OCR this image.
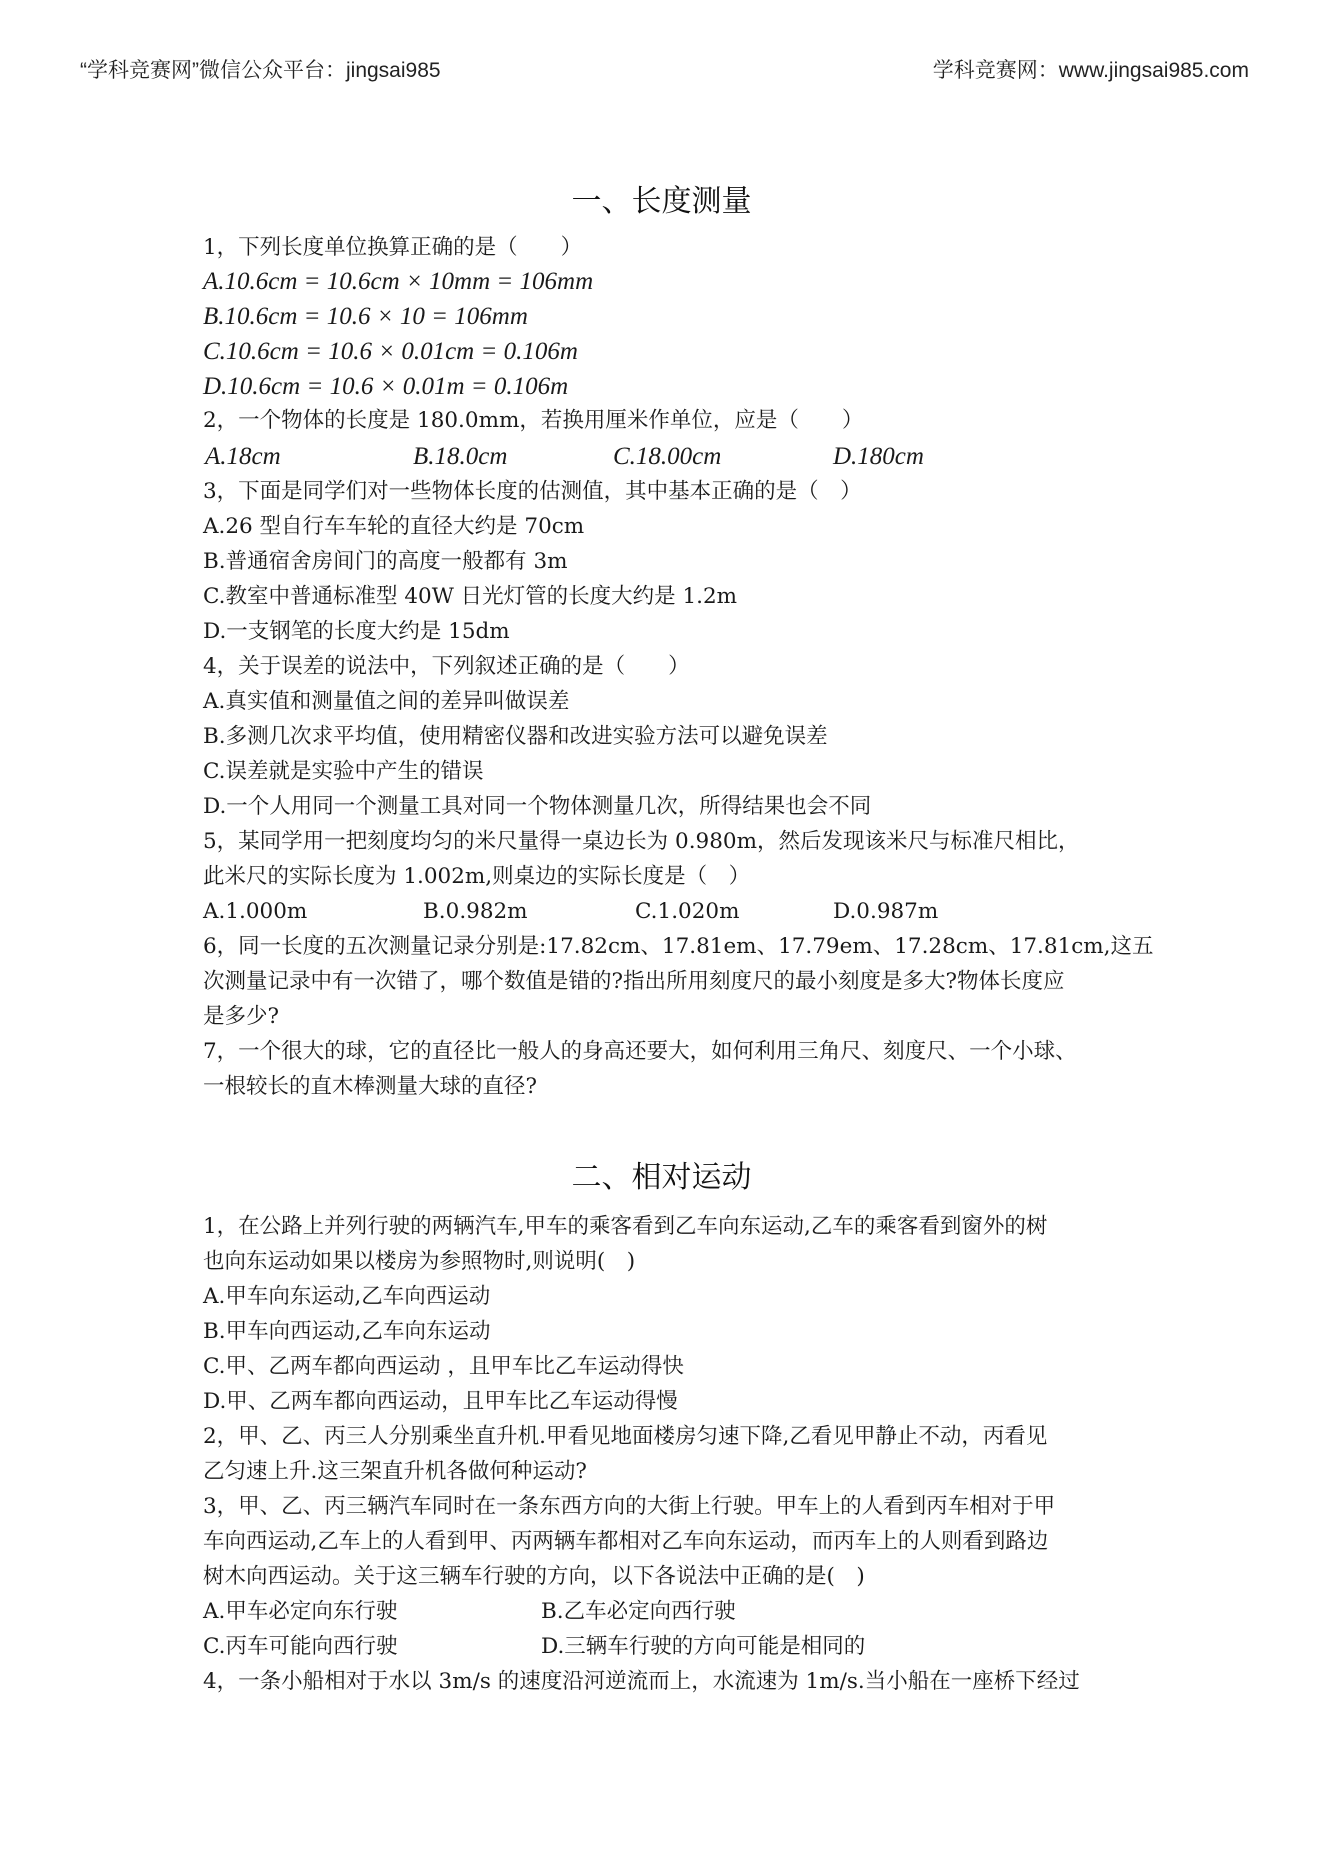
“学科竞赛网”微信公众平台：jingsai985	学科竞赛网：www.jingsai985.com
一、长度测量
1，下列长度单位换算正确的是（　　）
A.10.6cm = 10.6cm × 10mm = 106mm
B.10.6cm = 10.6 × 10 = 106mm
C.10.6cm = 10.6 × 0.01cm = 0.106m
D.10.6cm = 10.6 × 0.01m = 0.106m
2，一个物体的长度是 180.0mm，若换用厘米作单位，应是（　　）
A.18cm	B.18.0cm	C.18.00cm	D.180cm
3，下面是同学们对一些物体长度的估测值，其中基本正确的是（　）
A.26 型自行车车轮的直径大约是 70cm
B.普通宿舍房间门的高度一般都有 3m
C.教室中普通标准型 40W 日光灯管的长度大约是 1.2m
D.一支钢笔的长度大约是 15dm
4，关于误差的说法中，下列叙述正确的是（　　）
A.真实值和测量值之间的差异叫做误差
B.多测几次求平均值，使用精密仪器和改进实验方法可以避免误差
C.误差就是实验中产生的错误
D.一个人用同一个测量工具对同一个物体测量几次，所得结果也会不同
5，某同学用一把刻度均匀的米尺量得一桌边长为 0.980m，然后发现该米尺与标准尺相比，
此米尺的实际长度为 1.002m,则桌边的实际长度是（　）
A.1.000m	B.0.982m	C.1.020m	D.0.987m
6，同一长度的五次测量记录分别是:17.82cm、17.81em、17.79em、17.28cm、17.81cm,这五
次测量记录中有一次错了，哪个数值是错的?指出所用刻度尺的最小刻度是多大?物体长度应
是多少?
7，一个很大的球，它的直径比一般人的身高还要大，如何利用三角尺、刻度尺、一个小球、
一根较长的直木棒测量大球的直径?
二、相对运动
1，在公路上并列行驶的两辆汽车,甲车的乘客看到乙车向东运动,乙车的乘客看到窗外的树
也向东运动如果以楼房为参照物时,则说明(　)
A.甲车向东运动,乙车向西运动
B.甲车向西运动,乙车向东运动
C.甲、乙两车都向西运动 ，且甲车比乙车运动得快
D.甲、乙两车都向西运动，且甲车比乙车运动得慢
2，甲、乙、丙三人分别乘坐直升机.甲看见地面楼房匀速下降,乙看见甲静止不动，丙看见
乙匀速上升.这三架直升机各做何种运动?
3，甲、乙、丙三辆汽车同时在一条东西方向的大街上行驶。甲车上的人看到丙车相对于甲
车向西运动,乙车上的人看到甲、丙两辆车都相对乙车向东运动，而丙车上的人则看到路边
树木向西运动。关于这三辆车行驶的方向，以下各说法中正确的是(　)
A.甲车必定向东行驶	B.乙车必定向西行驶
C.丙车可能向西行驶	D.三辆车行驶的方向可能是相同的
4，一条小船相对于水以 3m/s 的速度沿河逆流而上，水流速为 1m/s.当小船在一座桥下经过
